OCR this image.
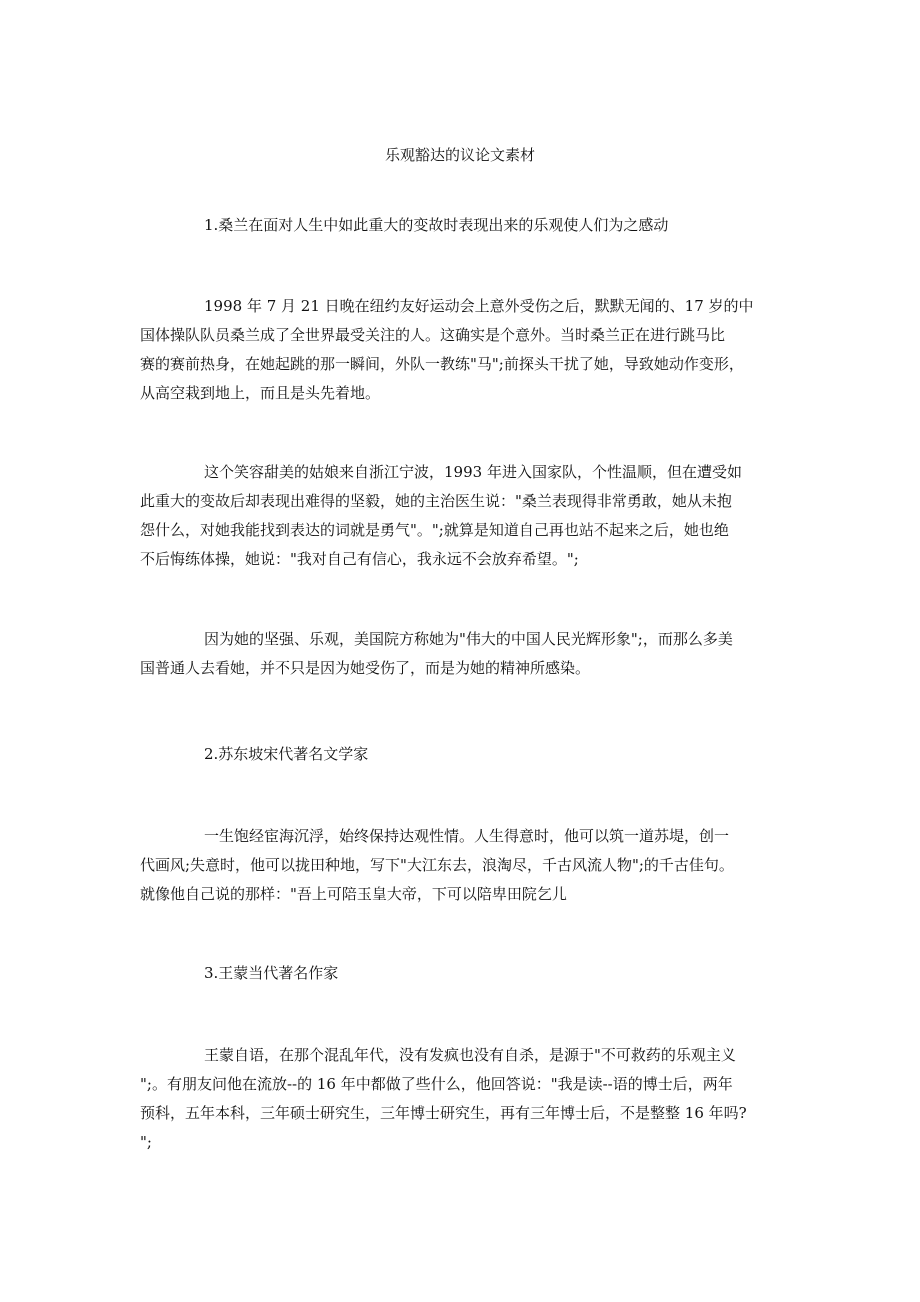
乐观豁达的议论文素材
1.桑兰在面对人生中如此重大的变故时表现出来的乐观使人们为之感动
1998 年 7 月 21 日晚在纽约友好运动会上意外受伤之后，默默无闻的、17 岁的中
国体操队队员桑兰成了全世界最受关注的人。这确实是个意外。当时桑兰正在进行跳马比
赛的赛前热身，在她起跳的那一瞬间，外队一教练"马";前探头干扰了她，导致她动作变形，
从高空栽到地上，而且是头先着地。
这个笑容甜美的姑娘来自浙江宁波，1993 年进入国家队，个性温顺，但在遭受如
此重大的变故后却表现出难得的坚毅，她的主治医生说："桑兰表现得非常勇敢，她从未抱
怨什么，对她我能找到表达的词就是勇气"。";就算是知道自己再也站不起来之后，她也绝
不后悔练体操，她说："我对自己有信心，我永远不会放弃希望。";
因为她的坚强、乐观，美国院方称她为"伟大的中国人民光辉形象";，而那么多美
国普通人去看她，并不只是因为她受伤了，而是为她的精神所感染。
2.苏东坡宋代著名文学家
一生饱经宦海沉浮，始终保持达观性情。人生得意时，他可以筑一道苏堤，创一
代画风;失意时，他可以拢田种地，写下"大江东去，浪淘尽，千古风流人物";的千古佳句。
就像他自己说的那样："吾上可陪玉皇大帝，下可以陪卑田院乞儿
3.王蒙当代著名作家
王蒙自语，在那个混乱年代，没有发疯也没有自杀，是源于"不可救药的乐观主义
";。有朋友问他在流放--的 16 年中都做了些什么，他回答说："我是读--语的博士后，两年
预科，五年本科，三年硕士研究生，三年博士研究生，再有三年博士后，不是整整 16 年吗?
";
